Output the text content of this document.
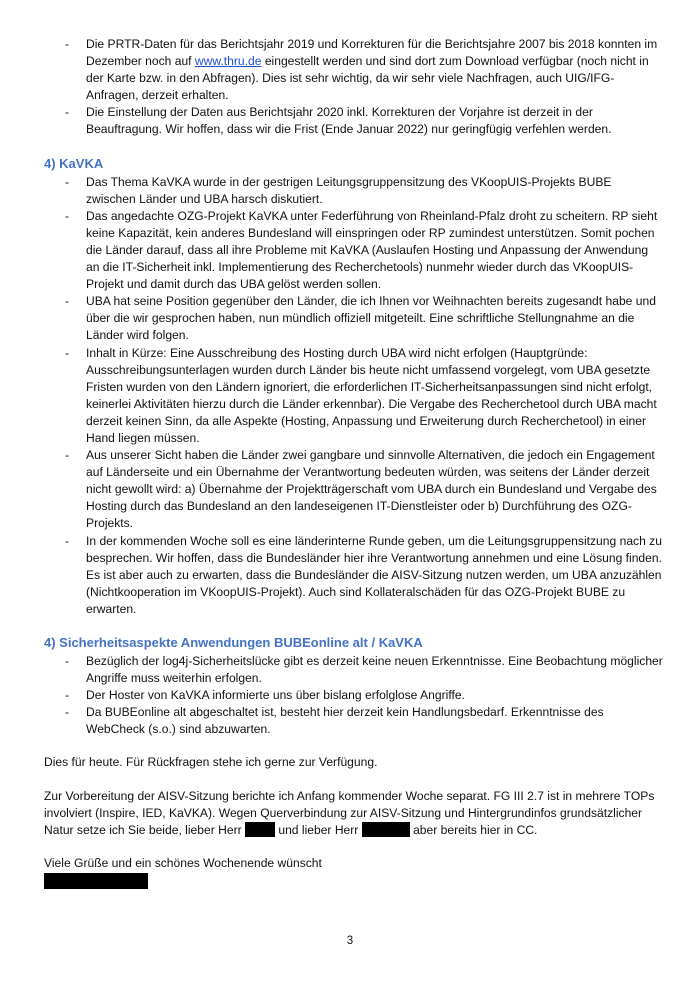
- Die PRTR-Daten für das Berichtsjahr 2019 und Korrekturen für die Berichtsjahre 2007 bis 2018 konnten im Dezember noch auf www.thru.de eingestellt werden und sind dort zum Download verfügbar (noch nicht in der Karte bzw. in den Abfragen). Dies ist sehr wichtig, da wir sehr viele Nachfragen, auch UIG/IFG-Anfragen, derzeit erhalten.
- Die Einstellung der Daten aus Berichtsjahr 2020 inkl. Korrekturen der Vorjahre ist derzeit in der Beauftragung. Wir hoffen, dass wir die Frist (Ende Januar 2022) nur geringfügig verfehlen werden.
4) KaVKA
- Das Thema KaVKA wurde in der gestrigen Leitungsgruppensitzung des VKoopUIS-Projekts BUBE zwischen Länder und UBA harsch diskutiert.
- Das angedachte OZG-Projekt KaVKA unter Federführung von Rheinland-Pfalz droht zu scheitern. RP sieht keine Kapazität, kein anderes Bundesland will einspringen oder RP zumindest unterstützen. Somit pochen die Länder darauf, dass all ihre Probleme mit KaVKA (Auslaufen Hosting und Anpassung der Anwendung an die IT-Sicherheit inkl. Implementierung des Recherchetools) nunmehr wieder durch das VKoopUIS-Projekt und damit durch das UBA gelöst werden sollen.
- UBA hat seine Position gegenüber den Länder, die ich Ihnen vor Weihnachten bereits zugesandt habe und über die wir gesprochen haben, nun mündlich offiziell mitgeteilt. Eine schriftliche Stellungnahme an die Länder wird folgen.
- Inhalt in Kürze: Eine Ausschreibung des Hosting durch UBA wird nicht erfolgen (Hauptgründe: Ausschreibungsunterlagen wurden durch Länder bis heute nicht umfassend vorgelegt, vom UBA gesetzte Fristen wurden von den Ländern ignoriert, die erforderlichen IT-Sicherheitsanpassungen sind nicht erfolgt, keinerlei Aktivitäten hierzu durch die Länder erkennbar). Die Vergabe des Recherchetool durch UBA macht derzeit keinen Sinn, da alle Aspekte (Hosting, Anpassung und Erweiterung durch Recherchetool) in einer Hand liegen müssen.
- Aus unserer Sicht haben die Länder zwei gangbare und sinnvolle Alternativen, die jedoch ein Engagement auf Länderseite und ein Übernahme der Verantwortung bedeuten würden, was seitens der Länder derzeit nicht gewollt wird: a) Übernahme der Projektträgerschaft vom UBA durch ein Bundesland und Vergabe des Hosting durch das Bundesland an den landeseigenen IT-Dienstleister oder b) Durchführung des OZG-Projekts.
- In der kommenden Woche soll es eine länderinterne Runde geben, um die Leitungsgruppensitzung nach zu besprechen. Wir hoffen, dass die Bundesländer hier ihre Verantwortung annehmen und eine Lösung finden. Es ist aber auch zu erwarten, dass die Bundesländer die AISV-Sitzung nutzen werden, um UBA anzuzählen (Nichtkooperation im VKoopUIS-Projekt). Auch sind Kollateralschäden für das OZG-Projekt BUBE zu erwarten.
4) Sicherheitsaspekte Anwendungen BUBEonline alt / KaVKA
- Bezüglich der log4j-Sicherheitslücke gibt es derzeit keine neuen Erkenntnisse. Eine Beobachtung möglicher Angriffe muss weiterhin erfolgen.
- Der Hoster von KaVKA informierte uns über bislang erfolglose Angriffe.
- Da BUBEonline alt abgeschaltet ist, besteht hier derzeit kein Handlungsbedarf. Erkenntnisse des WebCheck (s.o.) sind abzuwarten.

Dies für heute. Für Rückfragen stehe ich gerne zur Verfügung.

Zur Vorbereitung der AISV-Sitzung berichte ich Anfang kommender Woche separat. FG III 2.7 ist in mehrere TOPs involviert (Inspire, IED, KaVKA). Wegen Querverbindung zur AISV-Sitzung und Hintergrundinfos grundsätzlicher Natur setze ich Sie beide, lieber Herr  und lieber Herr	aber bereits hier in CC.

Viele Grüße und ein schönes Wochenende wünscht

3
